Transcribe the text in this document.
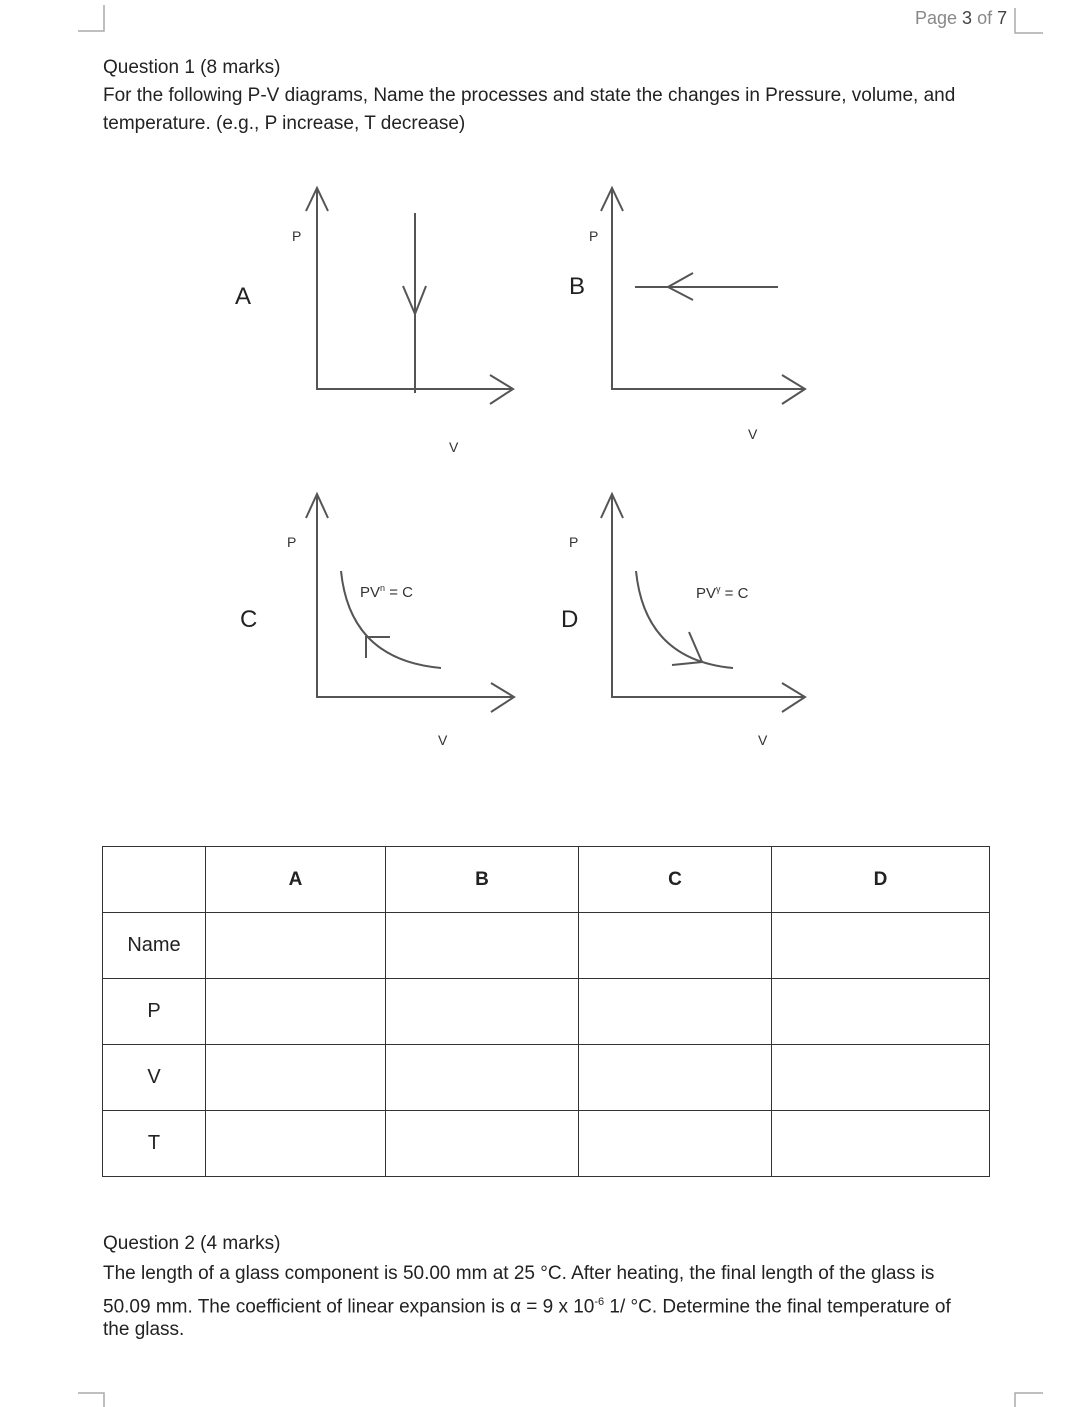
Page 3 of 7
Question 1 (8 marks)
For the following P-V diagrams, Name the processes and state the changes in Pressure, volume, and
temperature. (e.g., P increase, T decrease)
A
P
V
B
P
V
C
P
V
$PV^n = C$
D
P
V
$PV^\gamma = C$
	A	B	C	D
Name				
P				
V				
T				
Question 2 (4 marks)
The length of a glass component is 50.00 mm at 25 °C. After heating, the final length of the glass is
50.09 mm. The coefficient of linear expansion is α = 9 x $10^{-6}$ 1/ °C. Determine the final temperature of
the glass.
